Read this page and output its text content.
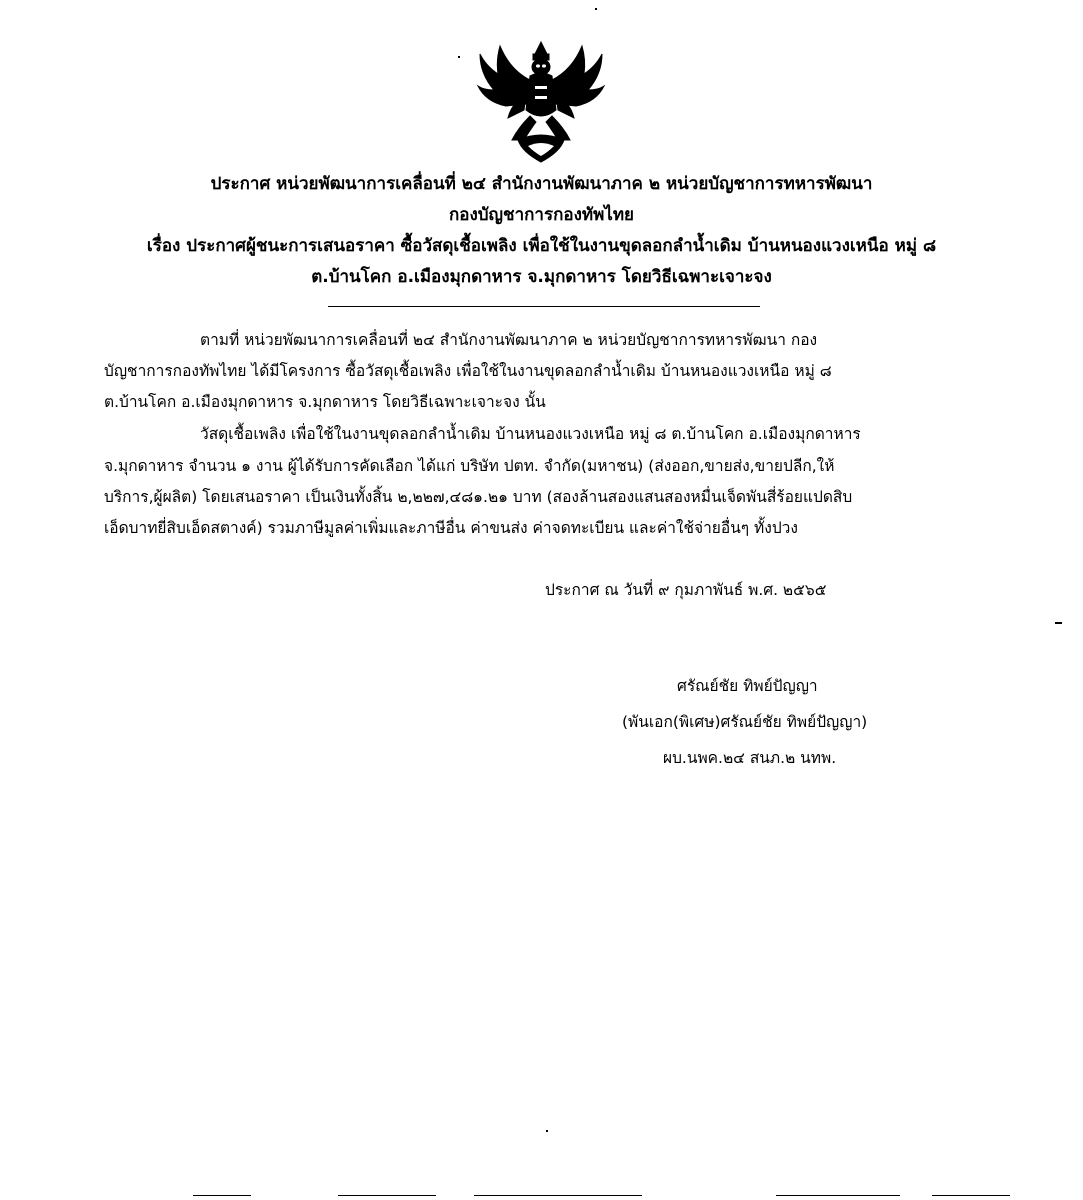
ประกาศ หน่วยพัฒนาการเคลื่อนที่ ๒๔ สำนักงานพัฒนาภาค ๒ หน่วยบัญชาการทหารพัฒนา
กองบัญชาการกองทัพไทย
เรื่อง ประกาศผู้ชนะการเสนอราคา ซื้อวัสดุเชื้อเพลิง เพื่อใช้ในงานขุดลอกลำน้ำเดิม บ้านหนองแวงเหนือ หมู่ ๘
ต.บ้านโคก อ.เมืองมุกดาหาร จ.มุกดาหาร โดยวิธีเฉพาะเจาะจง
ตามที่ หน่วยพัฒนาการเคลื่อนที่ ๒๔ สำนักงานพัฒนาภาค ๒ หน่วยบัญชาการทหารพัฒนา กอง
บัญชาการกองทัพไทย ได้มีโครงการ ซื้อวัสดุเชื้อเพลิง เพื่อใช้ในงานขุดลอกลำน้ำเดิม บ้านหนองแวงเหนือ หมู่ ๘
ต.บ้านโคก อ.เมืองมุกดาหาร จ.มุกดาหาร โดยวิธีเฉพาะเจาะจง นั้น
วัสดุเชื้อเพลิง เพื่อใช้ในงานขุดลอกลำน้ำเดิม บ้านหนองแวงเหนือ หมู่ ๘ ต.บ้านโคก อ.เมืองมุกดาหาร
จ.มุกดาหาร จำนวน ๑ งาน ผู้ได้รับการคัดเลือก ได้แก่ บริษัท ปตท. จำกัด(มหาชน) (ส่งออก,ขายส่ง,ขายปลีก,ให้
บริการ,ผู้ผลิต) โดยเสนอราคา เป็นเงินทั้งสิ้น ๒,๒๒๗,๔๘๑.๒๑ บาท (สองล้านสองแสนสองหมื่นเจ็ดพันสี่ร้อยแปดสิบ
เอ็ดบาทยี่สิบเอ็ดสตางค์) รวมภาษีมูลค่าเพิ่มและภาษีอื่น ค่าขนส่ง ค่าจดทะเบียน และค่าใช้จ่ายอื่นๆ ทั้งปวง
ประกาศ ณ วันที่ ๙ กุมภาพันธ์ พ.ศ. ๒๕๖๕
ศรัณย์ชัย ทิพย์ปัญญา
(พันเอก(พิเศษ)ศรัณย์ชัย ทิพย์ปัญญา)
ผบ.นพค.๒๔ สนภ.๒ นทพ.
